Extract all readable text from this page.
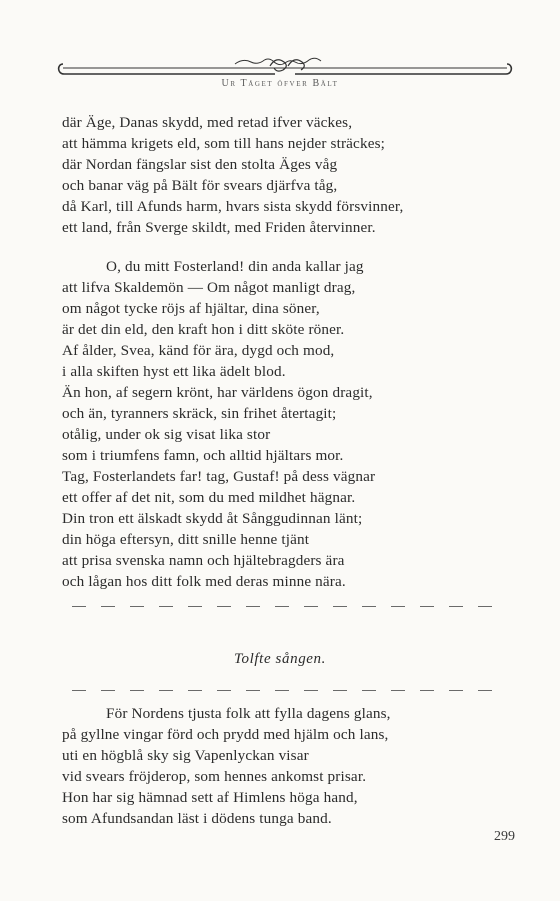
Ur Tåget öfver Bält
där Äge, Danas skydd, med retad ifver väckes,
att hämma krigets eld, som till hans nejder sträckes;
där Nordan fängslar sist den stolta Äges våg
och banar väg på Bält för svears djärfva tåg,
då Karl, till Afunds harm, hvars sista skydd försvinner,
ett land, från Sverge skildt, med Friden återvinner.
O, du mitt Fosterland! din anda kallar jag
att lifva Skaldemön — Om något manligt drag,
om något tycke röjs af hjältar, dina söner,
är det din eld, den kraft hon i ditt sköte röner.
Af ålder, Svea, känd för ära, dygd och mod,
i alla skiften hyst ett lika ädelt blod.
Än hon, af segern krönt, har världens ögon dragit,
och än, tyranners skräck, sin frihet återtagit;
otålig, under ok sig visat lika stor
som i triumfens famn, och alltid hjältars mor.
Tag, Fosterlandets far! tag, Gustaf! på dess vägnar
ett offer af det nit, som du med mildhet hägnar.
Din tron ett älskadt skydd åt Sånggudinnan länt;
din höga eftersyn, ditt snille henne tjänt
att prisa svenska namn och hjältebragders ära
och lågan hos ditt folk med deras minne nära.
Tolfte sången.
För Nordens tjusta folk att fylla dagens glans,
på gyllne vingar förd och prydd med hjälm och lans,
uti en högblå sky sig Vapenlyckan visar
vid svears fröjderop, som hennes ankomst prisar.
Hon har sig hämnad sett af Himlens höga hand,
som Afundsandan läst i dödens tunga band.
299
